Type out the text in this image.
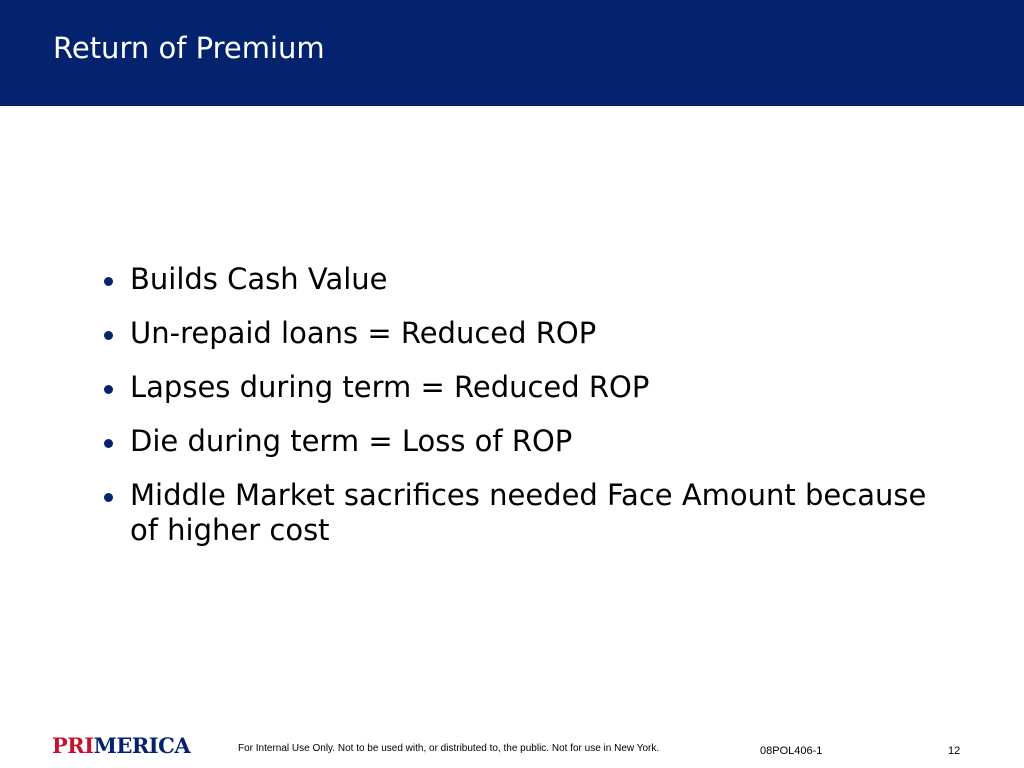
Return of Premium
Builds Cash Value
Un-repaid loans = Reduced ROP
Lapses during term = Reduced ROP
Die during term = Loss of ROP
Middle Market sacrifices needed Face Amount because of higher cost
PRIMERICA	For Internal Use Only. Not to be used with, or distributed to, the public. Not for use in New York.	08POL406-1	12
